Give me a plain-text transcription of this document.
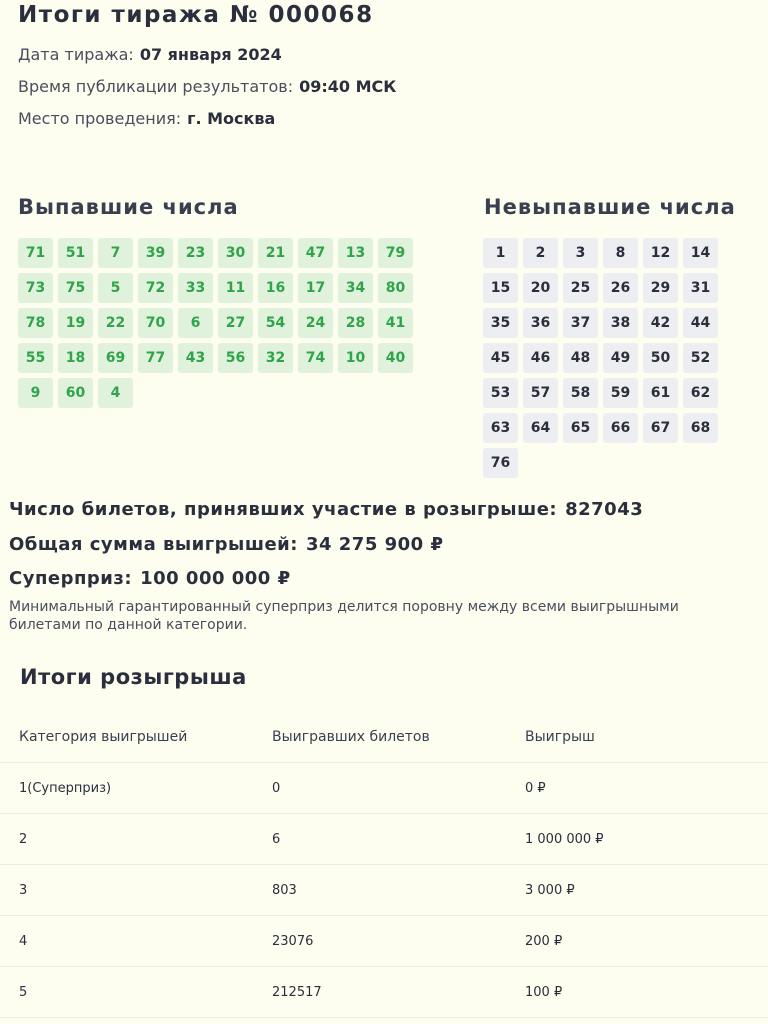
Итоги тиража № 000068
Дата тиража: 07 января 2024
Время публикации результатов: 09:40 МСК
Место проведения: г. Москва
Выпавшие числа	Невыпавшие числа
71	51	7	39	23	30	21	47	13	79
73	75	5	72	33	11	16	17	34	80
78	19	22	70	6	27	54	24	28	41
55	18	69	77	43	56	32	74	10	40
9	60	4
1	2	3	8	12	14
15	20	25	26	29	31
35	36	37	38	42	44
45	46	48	49	50	52
53	57	58	59	61	62
63	64	65	66	67	68
76
Число билетов, принявших участие в розыгрыше: 827043
Общая сумма выигрышей: 34 275 900 ₽
Суперприз: 100 000 000 ₽
Минимальный гарантированный суперприз делится поровну между всеми выигрышными билетами по данной категории.
Итоги розыгрыша
Категория выигрышей	Выигравших билетов	Выигрыш
1(Суперприз)	0	0 ₽
2	6	1 000 000 ₽
3	803	3 000 ₽
4	23076	200 ₽
5	212517	100 ₽
